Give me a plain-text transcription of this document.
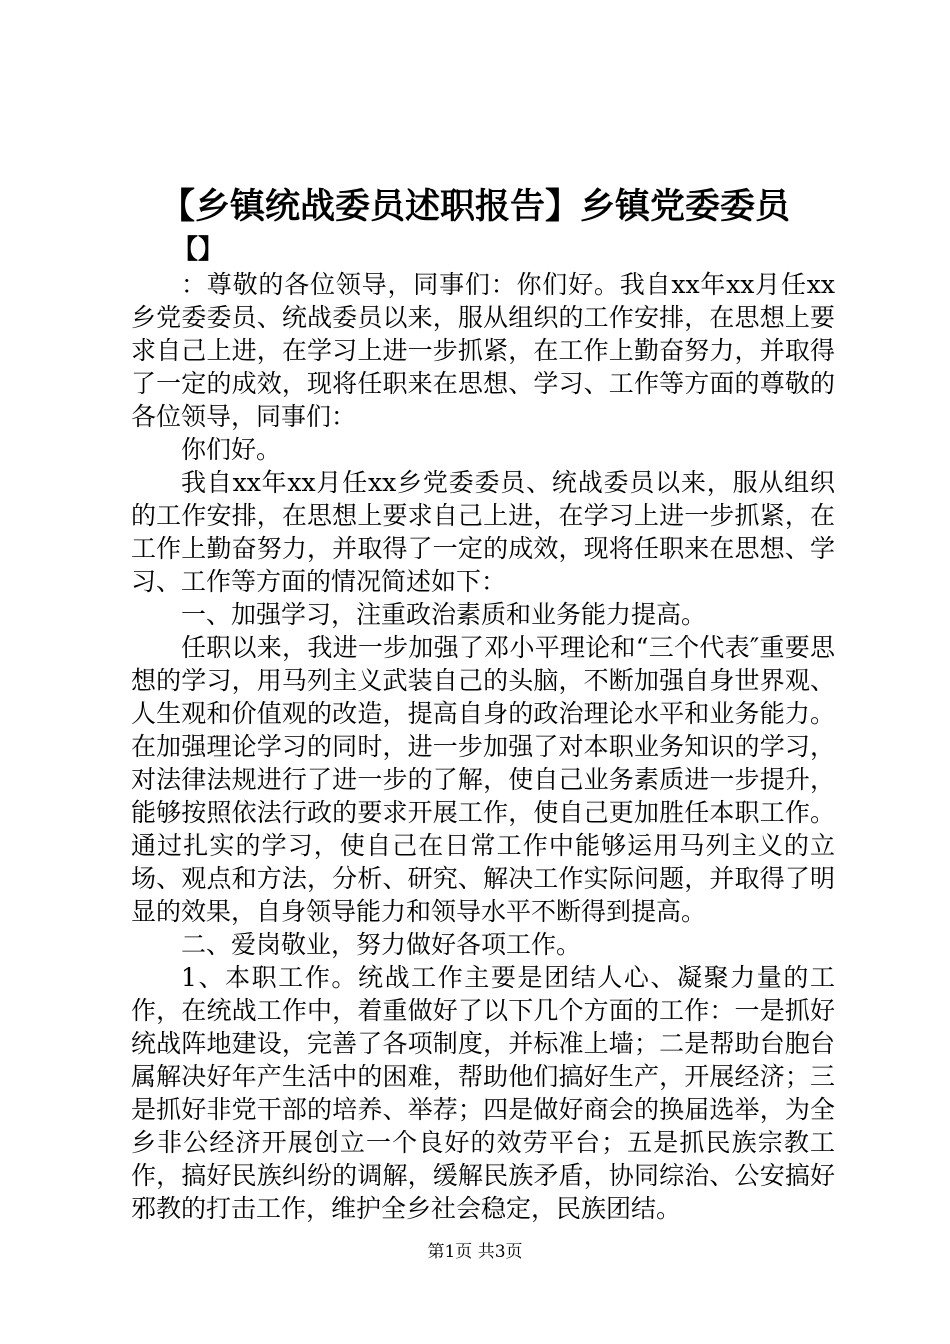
【乡镇统战委员述职报告】乡镇党委委员
【】

：尊敬的各位领导，同事们：你们好。我自xx年xx月任xx乡党委委员、统战委员以来，服从组织的工作安排，在思想上要求自己上进，在学习上进一步抓紧，在工作上勤奋努力，并取得了一定的成效，现将任职来在思想、学习、工作等方面的尊敬的各位领导，同事们：

你们好。

我自xx年xx月任xx乡党委委员、统战委员以来，服从组织的工作安排，在思想上要求自己上进，在学习上进一步抓紧，在工作上勤奋努力，并取得了一定的成效，现将任职来在思想、学习、工作等方面的情况简述如下：

一、加强学习，注重政治素质和业务能力提高。

任职以来，我进一步加强了邓小平理论和“三个代表″重要思想的学习，用马列主义武装自己的头脑，不断加强自身世界观、人生观和价值观的改造，提高自身的政治理论水平和业务能力。在加强理论学习的同时，进一步加强了对本职业务知识的学习，对法律法规进行了进一步的了解，使自己业务素质进一步提升，能够按照依法行政的要求开展工作，使自己更加胜任本职工作。通过扎实的学习，使自己在日常工作中能够运用马列主义的立场、观点和方法，分析、研究、解决工作实际问题，并取得了明显的效果，自身领导能力和领导水平不断得到提高。

二、爱岗敬业，努力做好各项工作。

1、本职工作。统战工作主要是团结人心、凝聚力量的工作，在统战工作中，着重做好了以下几个方面的工作：一是抓好统战阵地建设，完善了各项制度，并标准上墙；二是帮助台胞台属解决好年产生活中的困难，帮助他们搞好生产，开展经济；三是抓好非党干部的培养、举荐；四是做好商会的换届选举，为全乡非公经济开展创立一个良好的效劳平台；五是抓民族宗教工作，搞好民族纠纷的调解，缓解民族矛盾，协同综治、公安搞好邪教的打击工作，维护全乡社会稳定，民族团结。

第1页 共3页
